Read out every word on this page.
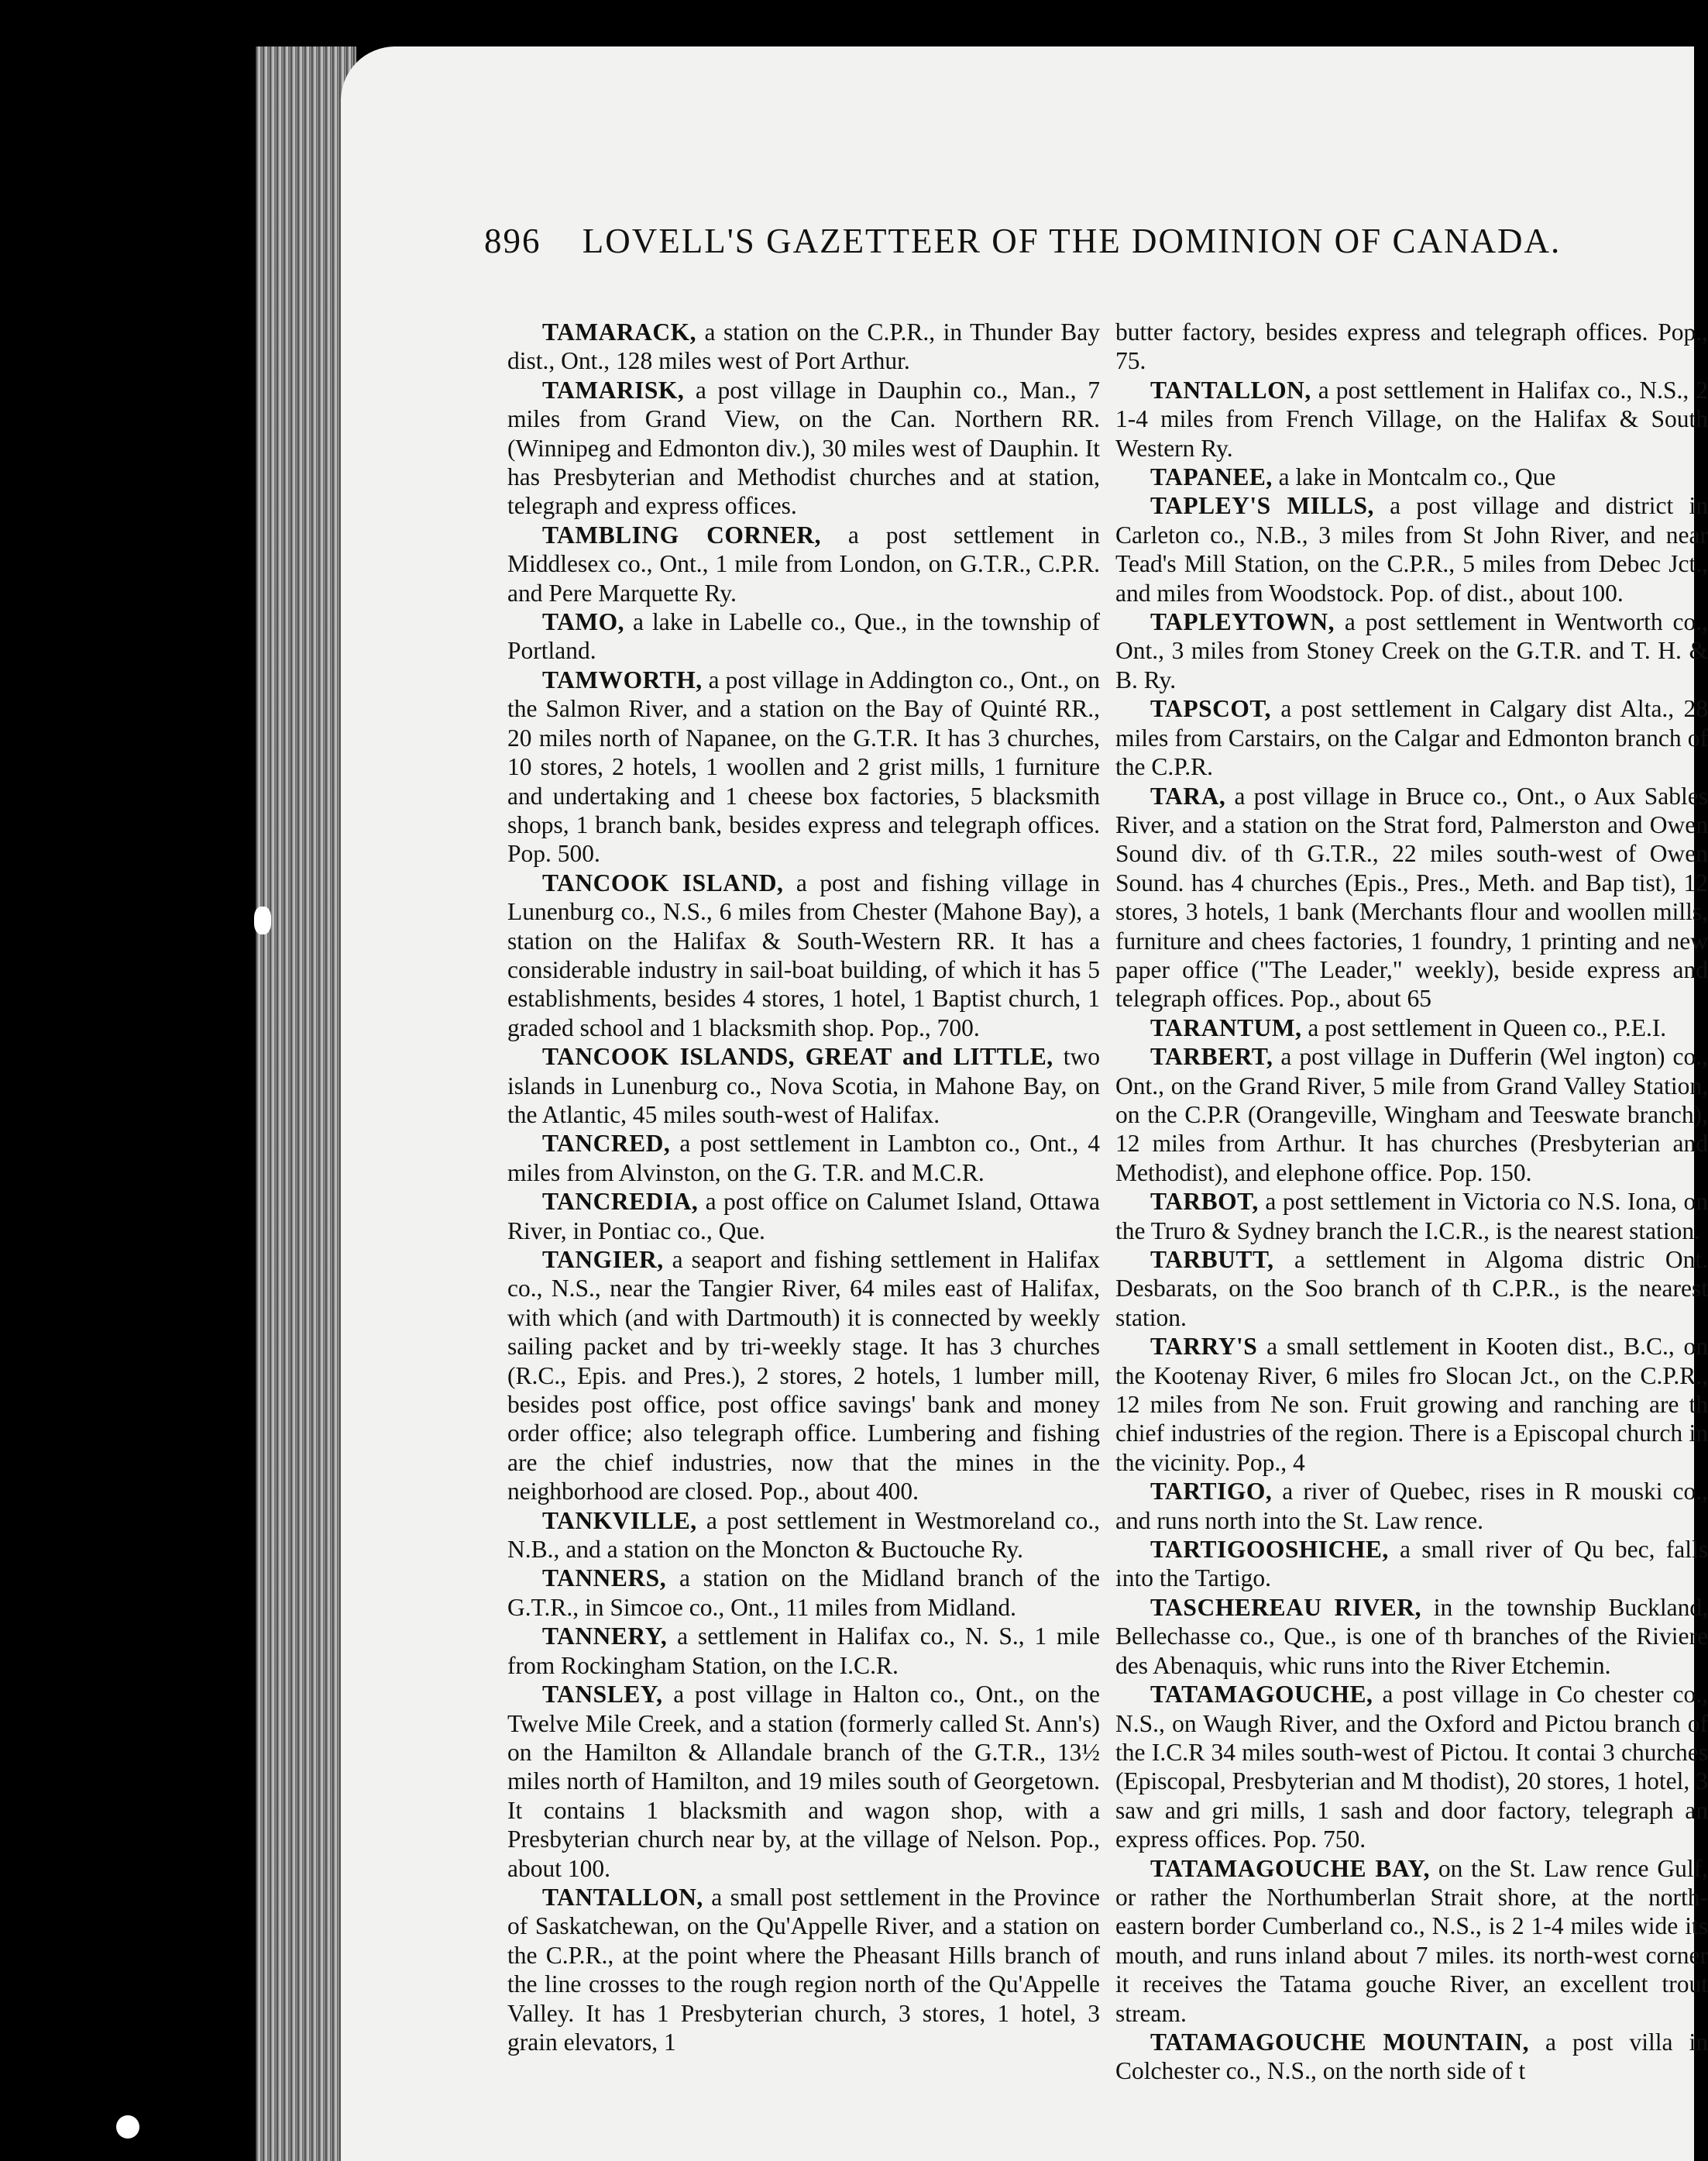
896 LOVELL'S GAZETTEER OF THE DOMINION OF CANADA.

TAMARACK, a station on the C.P.R., in Thunder Bay dist., Ont., 128 miles west of Port Arthur.

TAMARISK, a post village in Dauphin co., Man., 7 miles from Grand View, on the Can. Northern RR. (Winnipeg and Edmonton div.), 30 miles west of Dauphin. It has Presbyterian and Methodist churches and at station, telegraph and express offices.

TAMBLING CORNER, a post settlement in Middlesex co., Ont., 1 mile from London, on G.T.R., C.P.R. and Pere Marquette Ry.

TAMO, a lake in Labelle co., Que., in the township of Portland.

TAMWORTH, a post village in Addington co., Ont., on the Salmon River, and a station on the Bay of Quinté RR., 20 miles north of Napanee, on the G.T.R. It has 3 churches, 10 stores, 2 hotels, 1 woollen and 2 grist mills, 1 furniture and undertaking and 1 cheese box factories, 5 blacksmith shops, 1 branch bank, besides express and telegraph offices. Pop. 500.

TANCOOK ISLAND, a post and fishing village in Lunenburg co., N.S., 6 miles from Chester (Mahone Bay), a station on the Halifax & South-Western RR. It has a considerable industry in sail-boat building, of which it has 5 establishments, besides 4 stores, 1 hotel, 1 Baptist church, 1 graded school and 1 blacksmith shop. Pop., 700.

TANCOOK ISLANDS, GREAT and LITTLE, two islands in Lunenburg co., Nova Scotia, in Mahone Bay, on the Atlantic, 45 miles south-west of Halifax.

TANCRED, a post settlement in Lambton co., Ont., 4 miles from Alvinston, on the G. T.R. and M.C.R.

TANCREDIA, a post office on Calumet Island, Ottawa River, in Pontiac co., Que.

TANGIER, a seaport and fishing settlement in Halifax co., N.S., near the Tangier River, 64 miles east of Halifax, with which (and with Dartmouth) it is connected by weekly sailing packet and by tri-weekly stage. It has 3 churches (R.C., Epis. and Pres.), 2 stores, 2 hotels, 1 lumber mill, besides post office, post office savings' bank and money order office; also telegraph office. Lumbering and fishing are the chief industries, now that the mines in the neighborhood are closed. Pop., about 400.

TANKVILLE, a post settlement in Westmoreland co., N.B., and a station on the Moncton & Buctouche Ry.

TANNERS, a station on the Midland branch of the G.T.R., in Simcoe co., Ont., 11 miles from Midland.

TANNERY, a settlement in Halifax co., N. S., 1 mile from Rockingham Station, on the I.C.R.

TANSLEY, a post village in Halton co., Ont., on the Twelve Mile Creek, and a station (formerly called St. Ann's) on the Hamilton & Allandale branch of the G.T.R., 13½ miles north of Hamilton, and 19 miles south of Georgetown. It contains 1 blacksmith and wagon shop, with a Presbyterian church near by, at the village of Nelson. Pop., about 100.

TANTALLON, a small post settlement in the Province of Saskatchewan, on the Qu'Appelle River, and a station on the C.P.R., at the point where the Pheasant Hills branch of the line crosses to the rough region north of the Qu'Appelle Valley. It has 1 Presbyterian church, 3 stores, 1 hotel, 3 grain elevators, 1

butter factory, besides express and telegraph offices. Pop., 75.

TANTALLON, a post settlement in Halifax co., N.S., 2 1-4 miles from French Village, on the Halifax & South Western Ry.

TAPANEE, a lake in Montcalm co., Que

TAPLEY'S MILLS, a post village and district in Carleton co., N.B., 3 miles from St John River, and near Tead's Mill Station, on the C.P.R., 5 miles from Debec Jct., and miles from Woodstock. Pop. of dist., about 100.

TAPLEYTOWN, a post settlement in Wentworth co., Ont., 3 miles from Stoney Creek on the G.T.R. and T. H. & B. Ry.

TAPSCOT, a post settlement in Calgary dist Alta., 28 miles from Carstairs, on the Calgar and Edmonton branch of the C.P.R.

TARA, a post village in Bruce co., Ont., o Aux Sables River, and a station on the Strat ford, Palmerston and Owen Sound div. of th G.T.R., 22 miles south-west of Owen Sound. has 4 churches (Epis., Pres., Meth. and Bap tist), 12 stores, 3 hotels, 1 bank (Merchants flour and woollen mills, furniture and chees factories, 1 foundry, 1 printing and new paper office ("The Leader," weekly), beside express and telegraph offices. Pop., about 65

TARANTUM, a post settlement in Queen co., P.E.I.

TARBERT, a post village in Dufferin (Wel ington) co., Ont., on the Grand River, 5 mile from Grand Valley Station, on the C.P.R (Orangeville, Wingham and Teeswate branch), 12 miles from Arthur. It has churches (Presbyterian and Methodist), and elephone office. Pop. 150.

TARBOT, a post settlement in Victoria co N.S. Iona, on the Truro & Sydney branch the I.C.R., is the nearest station.

TARBUTT, a settlement in Algoma distric Ont. Desbarats, on the Soo branch of th C.P.R., is the nearest station.

TARRY'S a small settlement in Kooten dist., B.C., on the Kootenay River, 6 miles fro Slocan Jct., on the C.P.R., 12 miles from Ne son. Fruit growing and ranching are th chief industries of the region. There is a Episcopal church in the vicinity. Pop., 4

TARTIGO, a river of Quebec, rises in R mouski co., and runs north into the St. Law rence.

TARTIGOOSHICHE, a small river of Qu bec, falls into the Tartigo.

TASCHEREAU RIVER, in the township Buckland, Bellechasse co., Que., is one of th branches of the Riviere des Abenaquis, whic runs into the River Etchemin.

TATAMAGOUCHE, a post village in Co chester co., N.S., on Waugh River, and the Oxford and Pictou branch of the I.C.R 34 miles south-west of Pictou. It contai 3 churches (Episcopal, Presbyterian and M thodist), 20 stores, 1 hotel, 3 saw and gri mills, 1 sash and door factory, telegraph an express offices. Pop. 750.

TATAMAGOUCHE BAY, on the St. Law rence Gulf, or rather the Northumberlan Strait shore, at the north-eastern border Cumberland co., N.S., is 2 1-4 miles wide its mouth, and runs inland about 7 miles. its north-west corner it receives the Tatama gouche River, an excellent trout stream.

TATAMAGOUCHE MOUNTAIN, a post villa in Colchester co., N.S., on the north side of t
